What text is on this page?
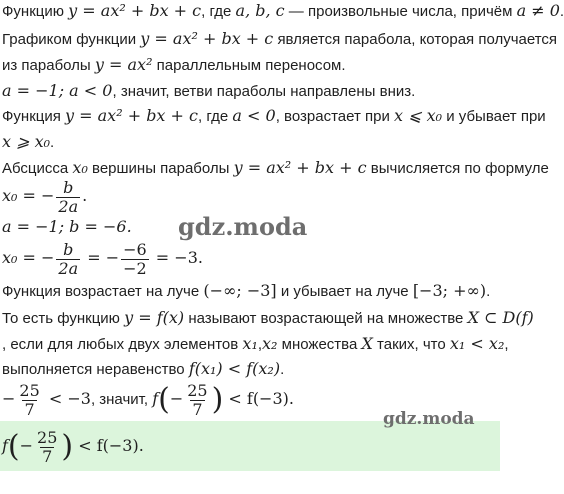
Функцию y = ax² + bx + c, где a, b, c — произвольные числа, причём a ≠ 0.
Графиком функции y = ax² + bx + c является парабола, которая получается
из параболы y = ax² параллельным переносом.
a = −1; a < 0, значит, ветви параболы направлены вниз.
Функция y = ax² + bx + c, где a < 0, возрастает при x ⩽ x₀ и убывает при
x ⩾ x₀.
Абсцисса x₀ вершины параболы y = ax² + bx + c вычисляется по формуле
x₀ = − $\frac{b}{2a}$ .
a = −1; b = −6.
x₀ = − $\frac{b}{2a}$ = − $\frac{-6}{-2} = -3$.
Функция возрастает на луче (−∞; −3] и убывает на луче [−3; +∞).
То есть функцию y = f(x) называют возрастающей на множестве X ⊂ D(f)
, если для любых двух элементов x₁,x₂ множества X таких, что x₁ < x₂,
выполняется неравенство f(x₁) < f(x₂).
− $\frac{25}{7} < -3$, значит, $f(- \frac{25}{7}$ ) < f(−3).
$f(- \frac{25}{7}$ ) < f(−3).
gdz.moda
gdz.moda
